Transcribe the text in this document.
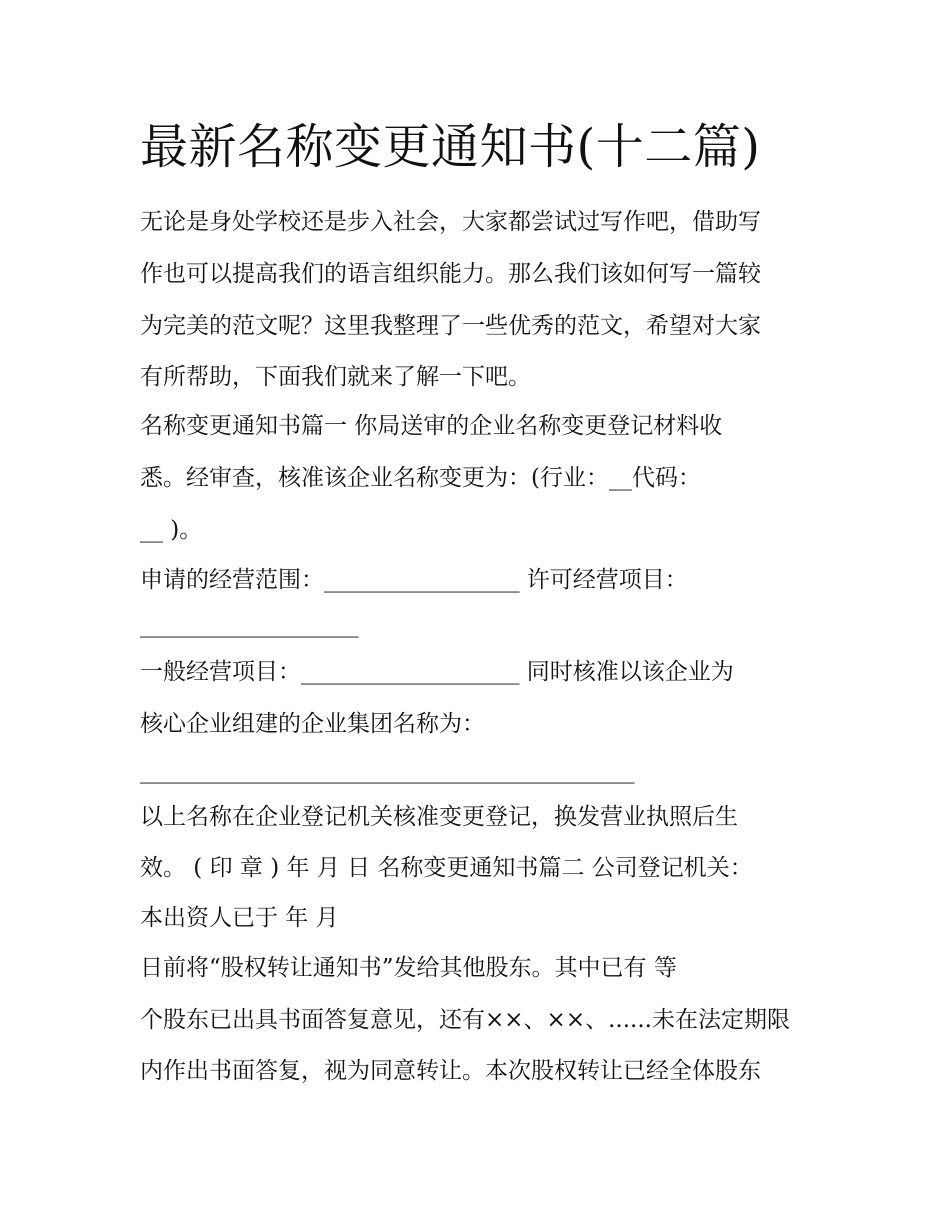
最新名称变更通知书(十二篇)
无论是身处学校还是步入社会，大家都尝试过写作吧，借助写
作也可以提高我们的语言组织能力。那么我们该如何写一篇较
为完美的范文呢？这里我整理了一些优秀的范文，希望对大家
有所帮助，下面我们就来了解一下吧。
名称变更通知书篇一 你局送审的企业名称变更登记材料收
悉。经审查，核准该企业名称变更为：(行业：__代码：
__ )。
申请的经营范围：_________________ 许可经营项目：
___________________
一般经营项目：___________________ 同时核准以该企业为
核心企业组建的企业集团名称为：
___________________________________________
以上名称在企业登记机关核准变更登记，换发营业执照后生
效。 ( 印 章 ) 年 月 日 名称变更通知书篇二 公司登记机关：
本出资人已于 年 月
日前将“股权转让通知书”发给其他股东。其中已有 等
个股东已出具书面答复意见，还有××、××、......未在法定期限
内作出书面答复，视为同意转让。本次股权转让已经全体股东
